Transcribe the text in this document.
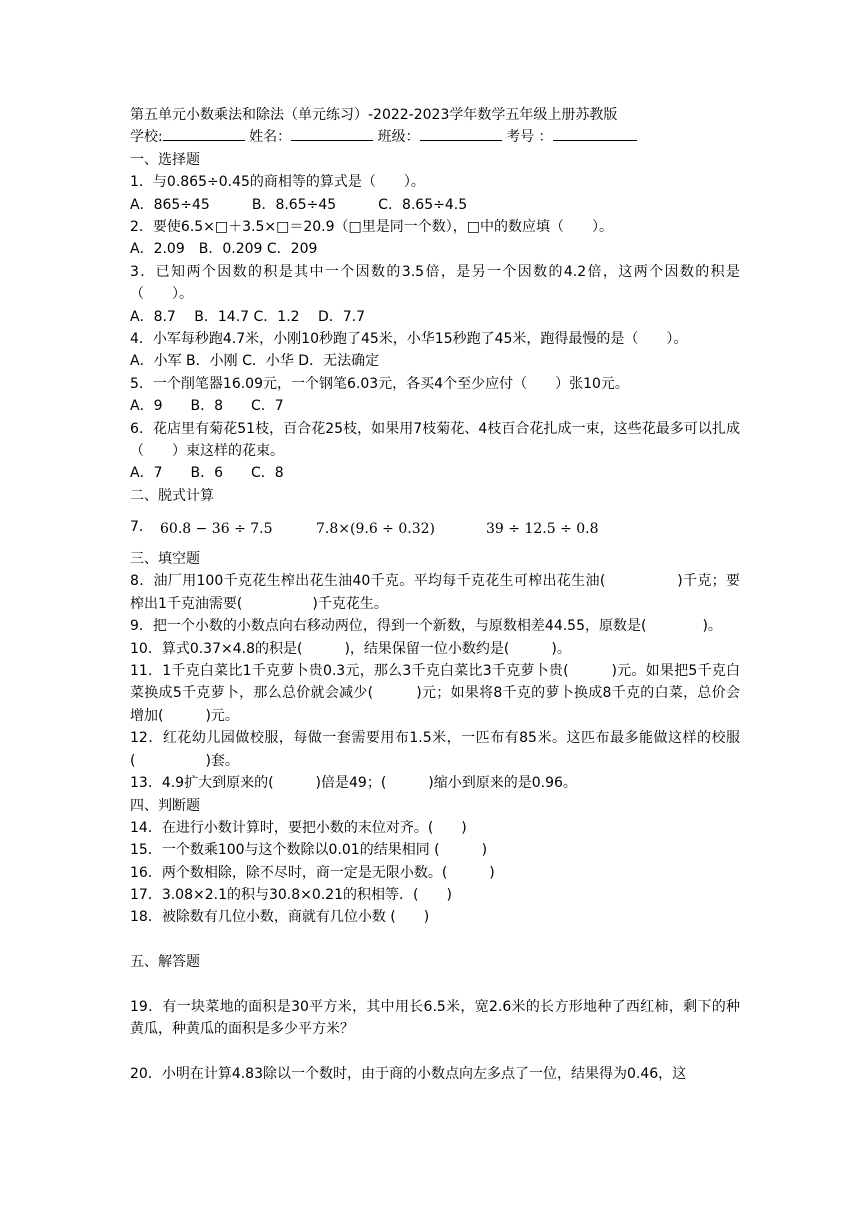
第五单元小数乘法和除法（单元练习）-2022-2023学年数学五年级上册苏教版
学校:	姓名：	班级：	考号 ：
一、选择题
1．与0.865÷0.45的商相等的算式是（　　）。
A．865÷45　　　B．8.65÷45　　　C．8.65÷4.5
2．要使6.5×□＋3.5×□＝20.9（□里是同一个数），□中的数应填（　　）。
A．2.09　B．0.209 C．209
3．已知两个因数的积是其中一个因数的3.5倍，是另一个因数的4.2倍，这两个因数的积是（　　）。
A．8.7　 B．14.7 C．1.2　 D．7.7
4．小军每秒跑4.7米，小刚10秒跑了45米，小华15秒跑了45米，跑得最慢的是（　　）。
A．小军 B．小刚 C．小华 D．无法确定
5．一个削笔器16.09元，一个钢笔6.03元，各买4个至少应付（　　）张10元。
A．9　　B．8　　C．7
6．花店里有菊花51枝，百合花25枝，如果用7枝菊花、4枝百合花扎成一束，这些花最多可以扎成（　　）束这样的花束。
A．7　　B．6　　C．8
二、脱式计算
7． 60.8 − 36 ÷ 7.5	7.8×(9.6 ÷ 0.32)	39 ÷ 12.5 ÷ 0.8
三、填空题
8．油厂用100千克花生榨出花生油40千克。平均每千克花生可榨出花生油(　　　　　)千克；要榨出1千克油需要(　　　　　)千克花生。
9．把一个小数的小数点向右移动两位，得到一个新数，与原数相差44.55，原数是(　　　　)。
10．算式0.37×4.8的积是(　　　)，结果保留一位小数约是(　　　)。
11．1千克白菜比1千克萝卜贵0.3元，那么3千克白菜比3千克萝卜贵(　　　)元。如果把5千克白菜换成5千克萝卜，那么总价就会减少(　　　)元；如果将8千克的萝卜换成8千克的白菜，总价会增加(　　　)元。
12．红花幼儿园做校服，每做一套需要用布1.5米，一匹布有85米。这匹布最多能做这样的校服(　　　　　)套。
13．4.9扩大到原来的(　　　)倍是49；(　　　)缩小到原来的是0.96。
四、判断题
14．在进行小数计算时，要把小数的末位对齐。(　　)
15．一个数乘100与这个数除以0.01的结果相同 (　　　)
16．两个数相除，除不尽时，商一定是无限小数。(　　　)
17．3.08×2.1的积与30.8×0.21的积相等．(　　)
18．被除数有几位小数，商就有几位小数 (　　)
五、解答题
19．有一块菜地的面积是30平方米，其中用长6.5米，宽2.6米的长方形地种了西红柿，剩下的种黄瓜，种黄瓜的面积是多少平方米？
20．小明在计算4.83除以一个数时，由于商的小数点向左多点了一位，结果得为0.46，这
